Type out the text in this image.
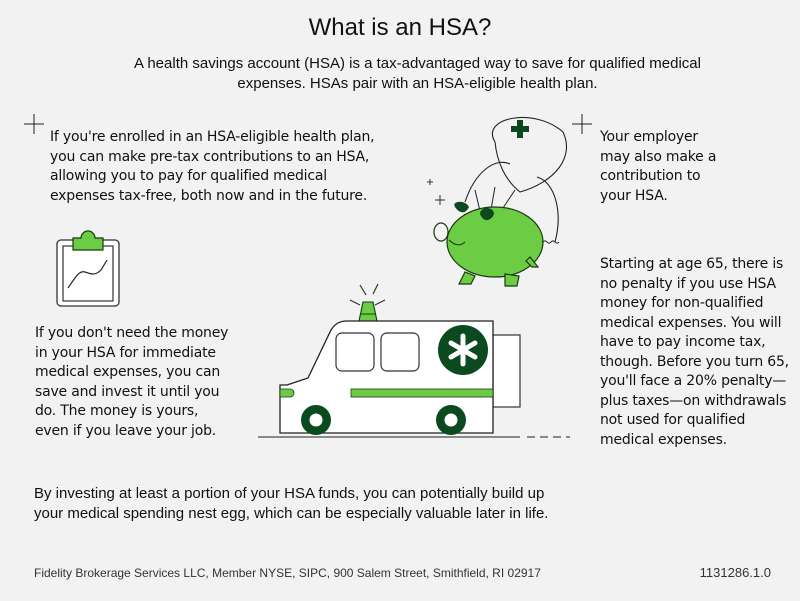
What is an HSA?
A health savings account (HSA) is a tax-advantaged way to save for qualified medical expenses. HSAs pair with an HSA-eligible health plan.
If you're enrolled in an HSA-eligible health plan, you can make pre-tax contributions to an HSA, allowing you to pay for qualified medical expenses tax-free, both now and in the future.
Your employer may also make a contribution to your HSA.
Starting at age 65, there is no penalty if you use HSA money for non-qualified medical expenses. You will have to pay income tax, though. Before you turn 65, you'll face a 20% penalty—plus taxes—on withdrawals not used for qualified medical expenses.
If you don't need the money in your HSA for immediate medical expenses, you can save and invest it until you do. The money is yours, even if you leave your job.
By investing at least a portion of your HSA funds, you can potentially build up your medical spending nest egg, which can be especially valuable later in life.
Fidelity Brokerage Services LLC, Member NYSE, SIPC, 900 Salem Street, Smithfield, RI 02917	1131286.1.0
